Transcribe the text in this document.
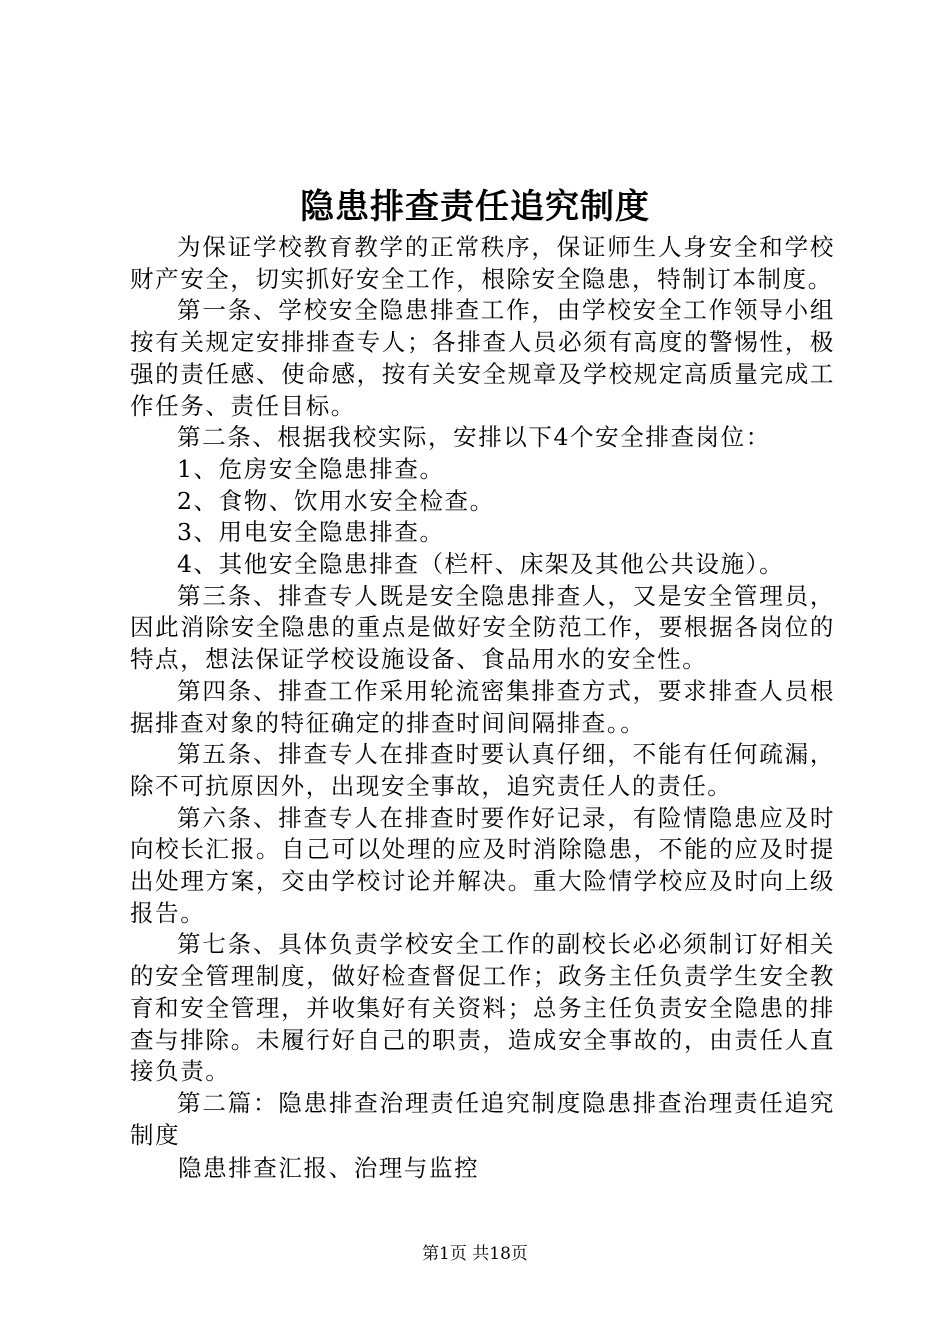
隐患排查责任追究制度

为保证学校教育教学的正常秩序，保证师生人身安全和学校财产安全，切实抓好安全工作，根除安全隐患，特制订本制度。

第一条、学校安全隐患排查工作，由学校安全工作领导小组按有关规定安排排查专人；各排查人员必须有高度的警惕性，极强的责任感、使命感，按有关安全规章及学校规定高质量完成工作任务、责任目标。

第二条、根据我校实际，安排以下4个安全排查岗位：

1、危房安全隐患排查。

2、食物、饮用水安全检查。

3、用电安全隐患排查。

4、其他安全隐患排查（栏杆、床架及其他公共设施）。

第三条、排查专人既是安全隐患排查人，又是安全管理员，因此消除安全隐患的重点是做好安全防范工作，要根据各岗位的特点，想法保证学校设施设备、食品用水的安全性。

第四条、排查工作采用轮流密集排查方式，要求排查人员根据排查对象的特征确定的排查时间间隔排查。。

第五条、排查专人在排查时要认真仔细，不能有任何疏漏，除不可抗原因外，出现安全事故，追究责任人的责任。

第六条、排查专人在排查时要作好记录，有险情隐患应及时向校长汇报。自己可以处理的应及时消除隐患，不能的应及时提出处理方案，交由学校讨论并解决。重大险情学校应及时向上级报告。

第七条、具体负责学校安全工作的副校长必必须制订好相关的安全管理制度，做好检查督促工作；政务主任负责学生安全教育和安全管理，并收集好有关资料；总务主任负责安全隐患的排查与排除。未履行好自己的职责，造成安全事故的，由责任人直接负责。

第二篇：隐患排查治理责任追究制度隐患排查治理责任追究制度

隐患排查汇报、治理与监控

第1页 共18页
